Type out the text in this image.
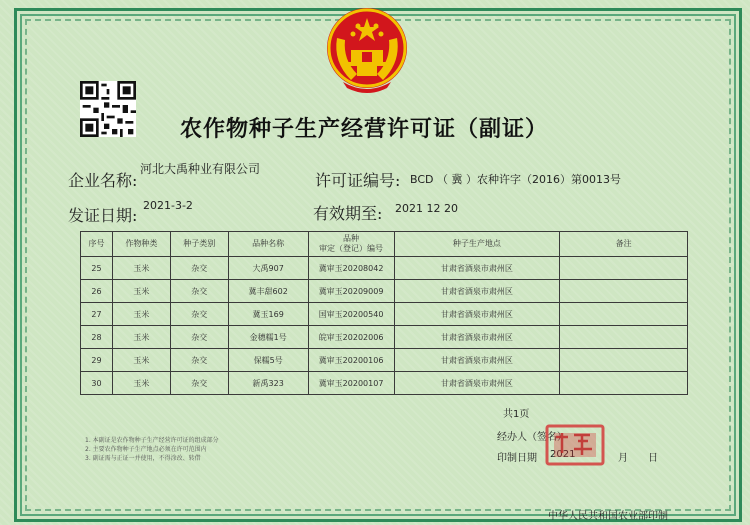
农作物种子生产经营许可证（副证）
企业名称:
河北大禹种业有限公司
许可证编号: BCD （ 冀 ）农种许字（2016）第0013号
发证日期:
2021-3-2	有效期至: 2021 12 20
序号	作物种类	种子类别	品种名称	品种
审定（登记）编号	种子生产地点	备注
25	玉米	杂交	大禹907	冀审玉20208042	甘肃省酒泉市肃州区	
26	玉米	杂交	冀丰甜602	冀审玉20209009	甘肃省酒泉市肃州区	
27	玉米	杂交	冀玉169	国审玉20200540	甘肃省酒泉市肃州区	
28	玉米	杂交	金穗糯1号	皖审玉20202006	甘肃省酒泉市肃州区	
29	玉米	杂交	保糯5号	冀审玉20200106	甘肃省酒泉市肃州区	
30	玉米	杂交	新禹323	冀审玉20200107	甘肃省酒泉市肃州区	
共1页
经办人（签名）
印制日期 2021	月 日
1. 本副证是农作物种子生产经营许可证的组成部分
2. 主要农作物种子生产地点必须在许可范围内
3. 副证需与正证一并使用，不得涂改、转借
中华人民共和国农业部印制
